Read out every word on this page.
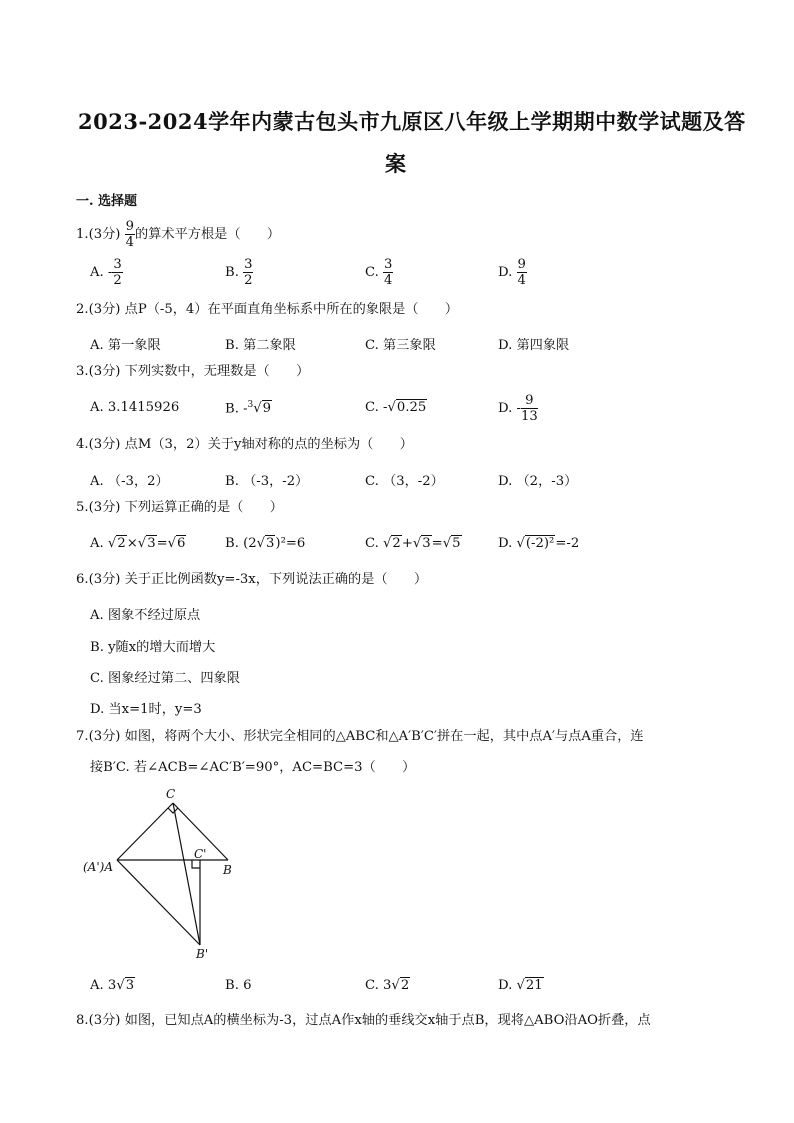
2023-2024学年内蒙古包头市九原区八年级上学期期中数学试题及答
案
一. 选择题
1.(3分) $\frac{9}{4}$ 的算术平方根是（　　）
A. - $\frac{3}{2}$	B. $\frac{3}{2}$	C. $\frac{3}{4}$	D. $\frac{9}{4}$
2.(3分) 点P（-5，4）在平面直角坐标系中所在的象限是（　　）
A. 第一象限	B. 第二象限	C. 第三象限	D. 第四象限
3.(3分) 下列实数中，无理数是（　　）
A. 3.1415926	B. -$^3$√9	C. -√0.25	D. - $\frac{9}{13}$
4.(3分) 点M（3，2）关于y轴对称的点的坐标为（　　）
A. （-3，2）	B. （-3，-2）	C. （3，-2）	D. （2，-3）
5.(3分) 下列运算正确的是（　　）
A. √2×√3=√6	B. (2√3)²=6	C. √2+√3=√5	D. √(-2)²=-2
6.(3分) 关于正比例函数y=-3x，下列说法正确的是（　　）
A. 图象不经过原点
B. y随x的增大而增大
C. 图象经过第二、四象限
D. 当x=1时，y=3
7.(3分) 如图，将两个大小、形状完全相同的△ABC和△A′B′C′拼在一起，其中点A′与点A重合，连
接B′C. 若∠ACB=∠AC′B′=90°，AC=BC=3（　　）
C
(A')A
C'
B
B'
A. 3√3	B. 6	C. 3√2	D. √21
8.(3分) 如图，已知点A的横坐标为-3，过点A作x轴的垂线交x轴于点B，现将△ABO沿AO折叠，点
